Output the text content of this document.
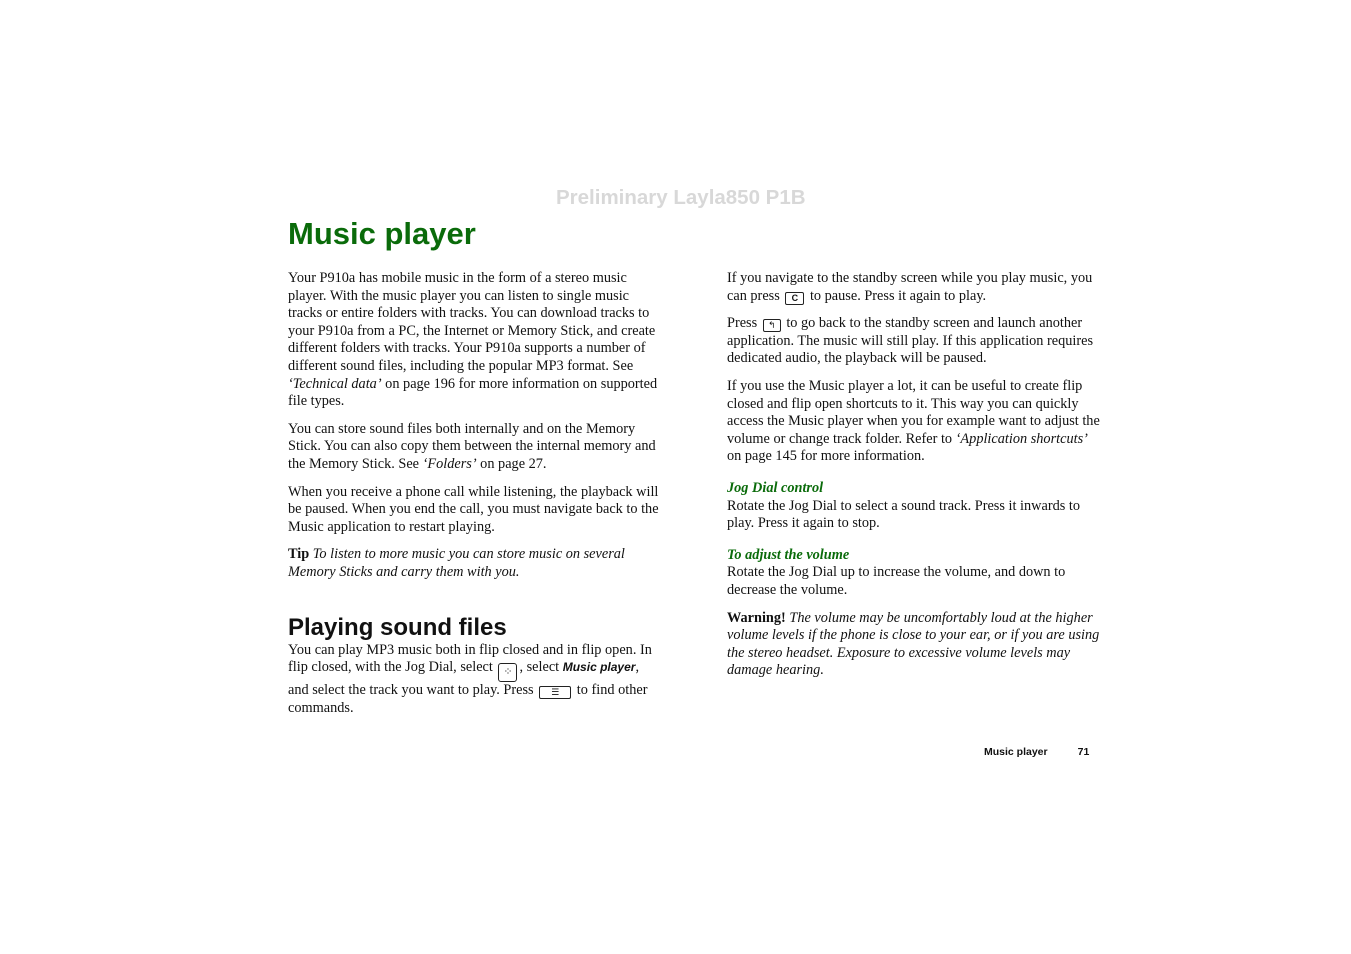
Preliminary Layla850 P1B
Music player

Your P910a has mobile music in the form of a stereo music player. With the music player you can listen to single music tracks or entire folders with tracks. You can download tracks to your P910a from a PC, the Internet or Memory Stick, and create different folders with tracks. Your P910a supports a number of different sound files, including the popular MP3 format. See ‘Technical data’ on page 196 for more information on supported file types.

You can store sound files both internally and on the Memory Stick. You can also copy them between the internal memory and the Memory Stick. See ‘Folders’ on page 27.

When you receive a phone call while listening, the playback will be paused. When you end the call, you must navigate back to the Music application to restart playing.

Tip To listen to more music you can store music on several Memory Sticks and carry them with you.

Playing sound files

You can play MP3 music both in flip closed and in flip open. In flip closed, with the Jog Dial, select ⁘ , select Music player, and select the track you want to play. Press ☰ to find other commands.

If you navigate to the standby screen while you play music, you can press C to pause. Press it again to play.

Press ↰ to go back to the standby screen and launch another application. The music will still play. If this application requires dedicated audio, the playback will be paused.

If you use the Music player a lot, it can be useful to create flip closed and flip open shortcuts to it. This way you can quickly access the Music player when you for example want to adjust the volume or change track folder. Refer to ‘Application shortcuts’ on page 145 for more information.

Jog Dial control

Rotate the Jog Dial to select a sound track. Press it inwards to play. Press it again to stop.

To adjust the volume

Rotate the Jog Dial up to increase the volume, and down to decrease the volume.

Warning! The volume may be uncomfortably loud at the higher volume levels if the phone is close to your ear, or if you are using the stereo headset. Exposure to excessive volume levels may damage hearing.

Music player	71
